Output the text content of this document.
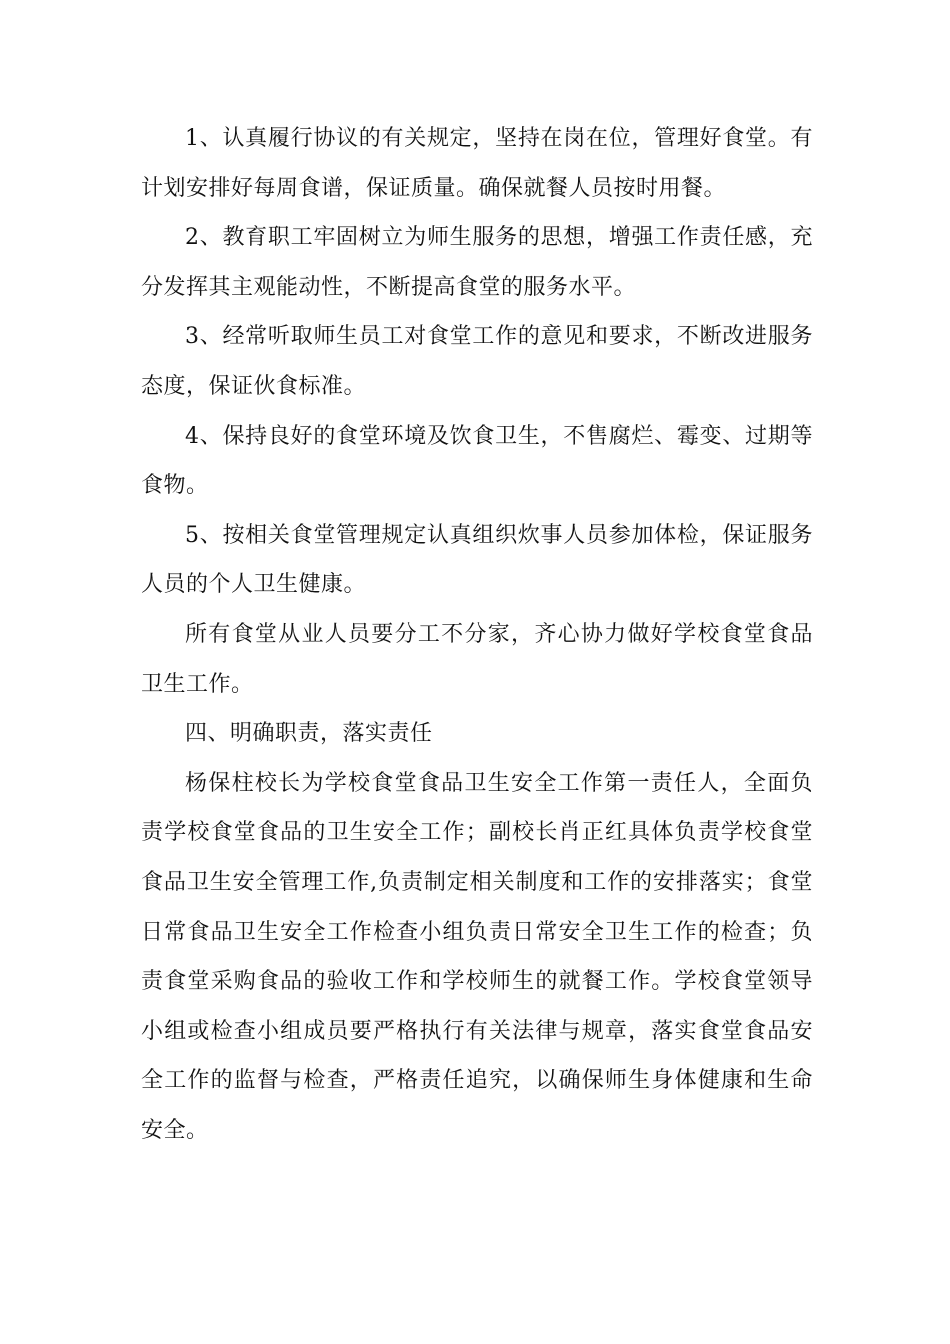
1、认真履行协议的有关规定，坚持在岗在位，管理好食堂。有计划安排好每周食谱，保证质量。确保就餐人员按时用餐。

2、教育职工牢固树立为师生服务的思想，增强工作责任感，充分发挥其主观能动性，不断提高食堂的服务水平。

3、经常听取师生员工对食堂工作的意见和要求，不断改进服务态度，保证伙食标准。

4、保持良好的食堂环境及饮食卫生，不售腐烂、霉变、过期等食物。

5、按相关食堂管理规定认真组织炊事人员参加体检，保证服务人员的个人卫生健康。

所有食堂从业人员要分工不分家，齐心协力做好学校食堂食品卫生工作。

四、明确职责，落实责任

杨保柱校长为学校食堂食品卫生安全工作第一责任人，全面负责学校食堂食品的卫生安全工作；副校长肖正红具体负责学校食堂食品卫生安全管理工作,负责制定相关制度和工作的安排落实；食堂日常食品卫生安全工作检查小组负责日常安全卫生工作的检查；负责食堂采购食品的验收工作和学校师生的就餐工作。学校食堂领导小组或检查小组成员要严格执行有关法律与规章，落实食堂食品安全工作的监督与检查，严格责任追究，以确保师生身体健康和生命安全。
